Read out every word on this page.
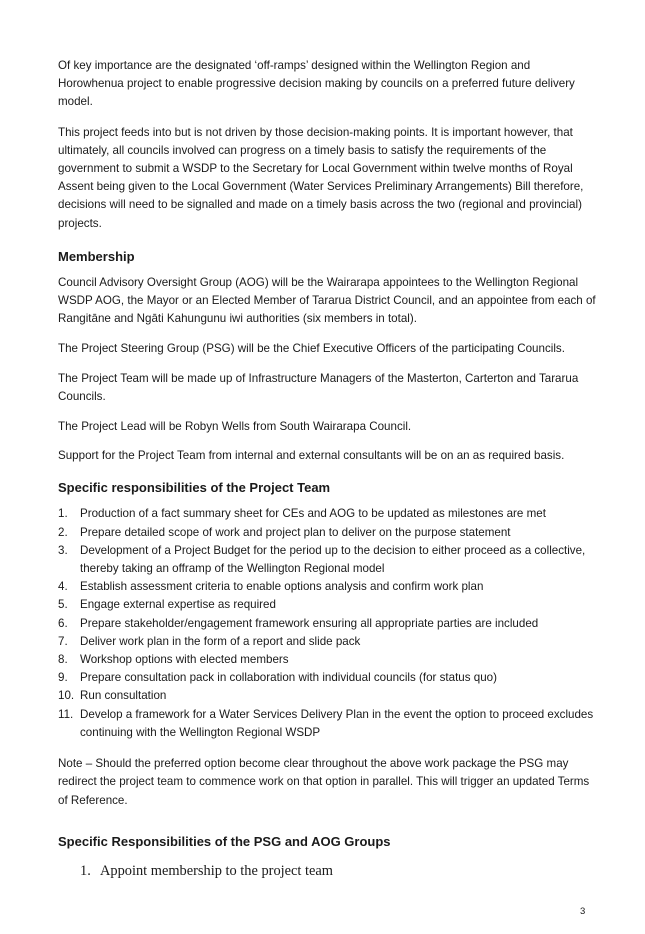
Of key importance are the designated ‘off-ramps’ designed within the Wellington Region and Horowhenua project to enable progressive decision making by councils on a preferred future delivery model.

This project feeds into but is not driven by those decision-making points. It is important however, that ultimately, all councils involved can progress on a timely basis to satisfy the requirements of the government to submit a WSDP to the Secretary for Local Government within twelve months of Royal Assent being given to the Local Government (Water Services Preliminary Arrangements) Bill therefore, decisions will need to be signalled and made on a timely basis across the two (regional and provincial) projects.

Membership

Council Advisory Oversight Group (AOG) will be the Wairarapa appointees to the Wellington Regional WSDP AOG, the Mayor or an Elected Member of Tararua District Council, and an appointee from each of Rangitāne and Ngāti Kahungunu iwi authorities (six members in total).

The Project Steering Group (PSG) will be the Chief Executive Officers of the participating Councils.

The Project Team will be made up of Infrastructure Managers of the Masterton, Carterton and Tararua Councils.

The Project Lead will be Robyn Wells from South Wairarapa Council.

Support for the Project Team from internal and external consultants will be on an as required basis.

Specific responsibilities of the Project Team
1. Production of a fact summary sheet for CEs and AOG to be updated as milestones are met
2. Prepare detailed scope of work and project plan to deliver on the purpose statement
3. Development of a Project Budget for the period up to the decision to either proceed as a collective, thereby taking an offramp of the Wellington Regional model
4. Establish assessment criteria to enable options analysis and confirm work plan
5. Engage external expertise as required
6. Prepare stakeholder/engagement framework ensuring all appropriate parties are included
7. Deliver work plan in the form of a report and slide pack
8. Workshop options with elected members
9. Prepare consultation pack in collaboration with individual councils (for status quo)
10. Run consultation
11. Develop a framework for a Water Services Delivery Plan in the event the option to proceed excludes continuing with the Wellington Regional WSDP

Note – Should the preferred option become clear throughout the above work package the PSG may redirect the project team to commence work on that option in parallel. This will trigger an updated Terms of Reference.

Specific Responsibilities of the PSG and AOG Groups
1. Appoint membership to the project team
3
